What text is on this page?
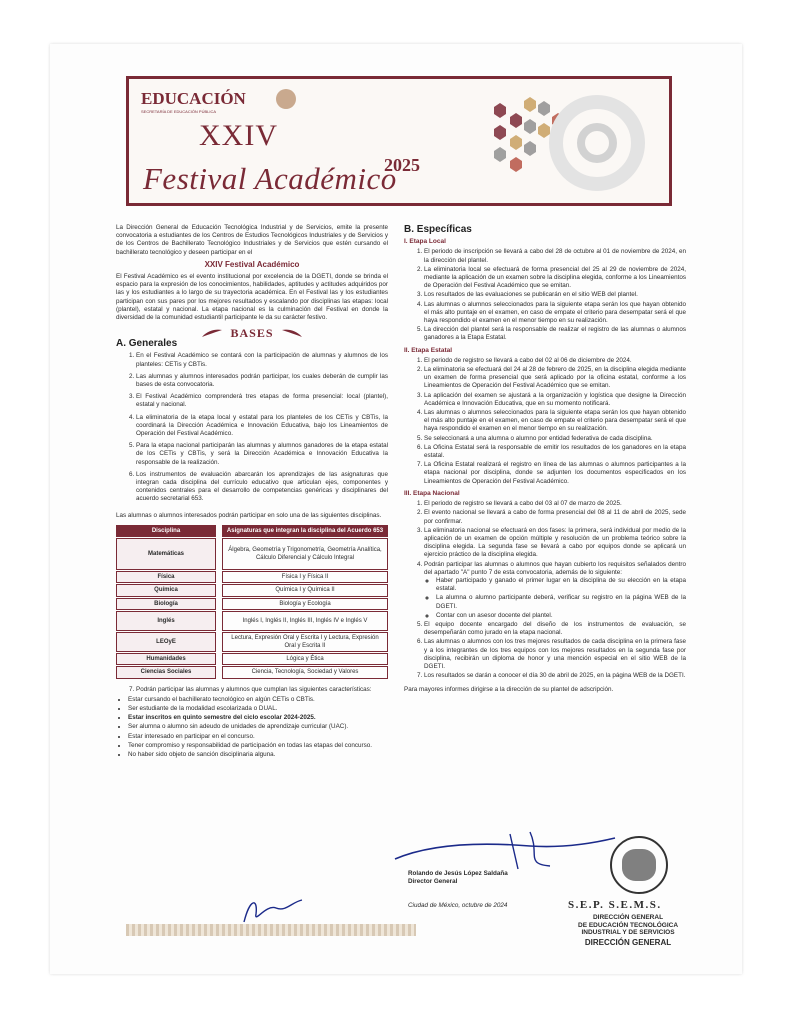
EDUCACIÓN
SECRETARÍA DE EDUCACIÓN PÚBLICA
XXIV
2025
Festival Académico

La Dirección General de Educación Tecnológica Industrial y de Servicios, emite la presente convocatoria a estudiantes de los Centros de Estudios Tecnológicos Industriales y de Servicios y de los Centros de Bachillerato Tecnológico Industriales y de Servicios que estén cursando el bachillerato tecnológico y deseen participar en el

XXIV Festival Académico

El Festival Académico es el evento institucional por excelencia de la DGETI, donde se brinda el espacio para la expresión de los conocimientos, habilidades, aptitudes y actitudes adquiridos por las y los estudiantes a lo largo de su trayectoria académica. En el Festival las y los estudiantes participan con sus pares por los mejores resultados y escalando por disciplinas las etapas: local (plantel), estatal y nacional. La etapa nacional es la culminación del Festival en donde la diversidad de la comunidad estudiantil participante le da su carácter festivo.

BASES
A. Generales
1. En el Festival Académico se contará con la participación de alumnas y alumnos de los planteles: CETis y CBTis.
2. Las alumnas y alumnos interesados podrán participar, los cuales deberán de cumplir las bases de esta convocatoria.
3. El Festival Académico comprenderá tres etapas de forma presencial: local (plantel), estatal y nacional.
4. La eliminatoria de la etapa local y estatal para los planteles de los CETis y CBTis, la coordinará la Dirección Académica e Innovación Educativa, bajo los Lineamientos de Operación del Festival Académico.
5. Para la etapa nacional participarán las alumnas y alumnos ganadores de la etapa estatal de los CETis y CBTis, y será la Dirección Académica e Innovación Educativa la responsable de la realización.
6. Los instrumentos de evaluación abarcarán los aprendizajes de las asignaturas que integran cada disciplina del currículo educativo que articulan ejes, componentes y contenidos centrales para el desarrollo de competencias genéricas y disciplinares del acuerdo secretarial 653.

Las alumnas o alumnos interesados podrán participar en solo una de las siguientes disciplinas.

Disciplina		Asignaturas que integran la disciplina del Acuerdo 653
Matemáticas		Álgebra, Geometría y Trigonometría, Geometría Analítica, Cálculo Diferencial y Cálculo Integral
Física		Física I y Física II
Química		Química I y Química II
Biología		Biología y Ecología
Inglés		Inglés I, Inglés II, Inglés III, Inglés IV e Inglés V
LEOyE		Lectura, Expresión Oral y Escrita I y Lectura, Expresión Oral y Escrita II
Humanidades		Lógica y Ética
Ciencias Sociales		Ciencia, Tecnología, Sociedad y Valores
7. Podrán participar las alumnas y alumnos que cumplan las siguientes características:
• Estar cursando el bachillerato tecnológico en algún CETis o CBTis.
• Ser estudiante de la modalidad escolarizada o DUAL.
• Estar inscritos en quinto semestre del ciclo escolar 2024-2025.
• Ser alumna o alumno sin adeudo de unidades de aprendizaje curricular (UAC).
• Estar interesado en participar en el concurso.
• Tener compromiso y responsabilidad de participación en todas las etapas del concurso.
• No haber sido objeto de sanción disciplinaria alguna.
B. Específicas
I. Etapa Local
1. El periodo de inscripción se llevará a cabo del 28 de octubre al 01 de noviembre de 2024, en la dirección del plantel.
2. La eliminatoria local se efectuará de forma presencial del 25 al 29 de noviembre de 2024, mediante la aplicación de un examen sobre la disciplina elegida, conforme a los Lineamientos de Operación del Festival Académico que se emitan.
3. Los resultados de las evaluaciones se publicarán en el sitio WEB del plantel.
4. Las alumnas o alumnos seleccionados para la siguiente etapa serán los que hayan obtenido el más alto puntaje en el examen, en caso de empate el criterio para desempatar será el que haya respondido el examen en el menor tiempo en su realización.
5. La dirección del plantel será la responsable de realizar el registro de las alumnas o alumnos ganadores a la Etapa Estatal.
II. Etapa Estatal
1. El periodo de registro se llevará a cabo del 02 al 06 de diciembre de 2024.
2. La eliminatoria se efectuará del 24 al 28 de febrero de 2025, en la disciplina elegida mediante un examen de forma presencial que será aplicado por la oficina estatal, conforme a los Lineamientos de Operación del Festival Académico que se emitan.
3. La aplicación del examen se ajustará a la organización y logística que designe la Dirección Académica e Innovación Educativa, que en su momento notificará.
4. Las alumnas o alumnos seleccionados para la siguiente etapa serán los que hayan obtenido el más alto puntaje en el examen, en caso de empate el criterio para desempatar será el que haya respondido el examen en el menor tiempo en su realización.
5. Se seleccionará a una alumna o alumno por entidad federativa de cada disciplina.
6. La Oficina Estatal será la responsable de emitir los resultados de los ganadores en la etapa estatal.
7. La Oficina Estatal realizará el registro en línea de las alumnas o alumnos participantes a la etapa nacional por disciplina, donde se adjunten los documentos especificados en los Lineamientos de Operación del Festival Académico.
III. Etapa Nacional
1. El periodo de registro se llevará a cabo del 03 al 07 de marzo de 2025.
2. El evento nacional se llevará a cabo de forma presencial del 08 al 11 de abril de 2025, sede por confirmar.
3. La eliminatoria nacional se efectuará en dos fases: la primera, será individual por medio de la aplicación de un examen de opción múltiple y resolución de un problema teórico sobre la disciplina elegida. La segunda fase se llevará a cabo por equipos donde se aplicará un ejercicio práctico de la disciplina elegida.
4. Podrán participar las alumnas o alumnos que hayan cubierto los requisitos señalados dentro del apartado "A" punto 7 de esta convocatoria, además de lo siguiente:
◦ Haber participado y ganado el primer lugar en la disciplina de su elección en la etapa estatal.
◦ La alumna o alumno participante deberá, verificar su registro en la página WEB de la DGETI.
◦ Contar con un asesor docente del plantel.
5. El equipo docente encargado del diseño de los instrumentos de evaluación, se desempeñarán como jurado en la etapa nacional.
6. Las alumnas o alumnos con los tres mejores resultados de cada disciplina en la primera fase y a los integrantes de los tres equipos con los mejores resultados en la segunda fase por disciplina, recibirán un diploma de honor y una mención especial en el sitio WEB de la DGETI.
7. Los resultados se darán a conocer el día 30 de abril de 2025, en la página WEB de la DGETI.

Para mayores informes dirigirse a la dirección de su plantel de adscripción.

Rolando de Jesús López Saldaña
Director General
Ciudad de México, octubre de 2024	S.E.P. S.E.M.S.
DIRECCIÓN GENERAL
DE EDUCACIÓN TECNOLÓGICA
INDUSTRIAL Y DE SERVICIOS
DIRECCIÓN GENERAL
